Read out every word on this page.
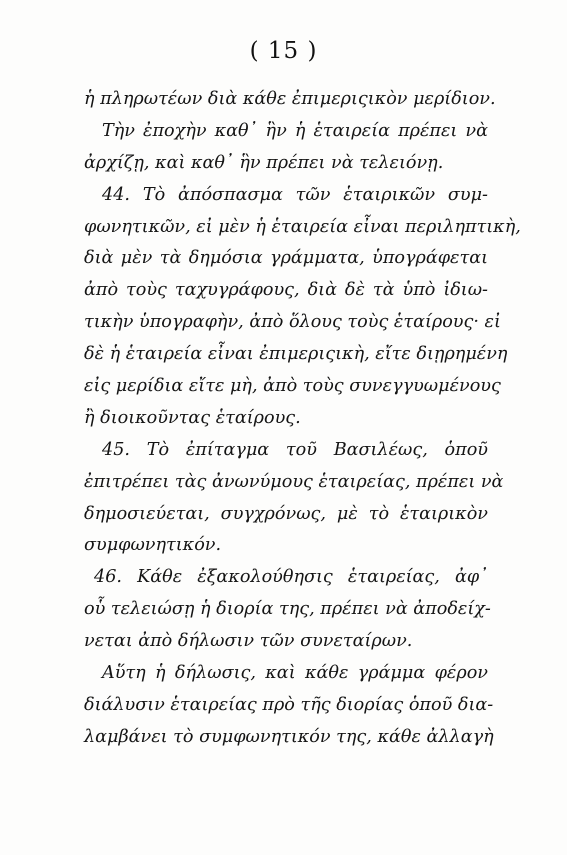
( 15 )
ἡ πληρωτέων διὰ κάθε ἐπιμεριςικὸν μερίδιον.
Τὴν ἐποχὴν καθ᾽ ἣν ἡ ἑταιρεία πρέπει νὰ
ἀρχίζῃ, καὶ καθ᾽ ἣν πρέπει νὰ τελειόνῃ.
44. Τὸ ἀπόσπασμα τῶν ἑταιρικῶν συμ-
φωνητικῶν, εἰ μὲν ἡ ἑταιρεία εἶναι περιληπτικὴ,
διὰ μὲν τὰ δημόσια γράμματα, ὑπογράφεται
ἀπὸ τοὺς ταχυγράφους, διὰ δὲ τὰ ὑπὸ ἰδιω-
τικὴν ὑπογραφὴν, ἀπὸ ὅλους τοὺς ἑταίρους· εἰ
δὲ ἡ ἑταιρεία εἶναι ἐπιμεριςικὴ, εἴτε διῃρημένη
εἰς μερίδια εἴτε μὴ, ἀπὸ τοὺς συνεγγυωμένους
ἢ διοικοῦντας ἑταίρους.
45. Τὸ ἐπίταγμα τοῦ Βασιλέως, ὁποῦ
ἐπιτρέπει τὰς ἀνωνύμους ἑταιρείας, πρέπει νὰ
δημοσιεύεται, συγχρόνως, μὲ τὸ ἑταιρικὸν
συμφωνητικόν.
46. Κάθε ἐξακολούθησις ἑταιρείας, ἀφ᾽
οὗ τελειώσῃ ἡ διορία της, πρέπει νὰ ἀποδείχ-
νεται ἀπὸ δήλωσιν τῶν συνεταίρων.
Αὕτη ἡ δήλωσις, καὶ κάθε γράμμα φέρον
διάλυσιν ἑταιρείας πρὸ τῆς διορίας ὁποῦ δια-
λαμβάνει τὸ συμφωνητικόν της, κάθε ἀλλαγὴ
